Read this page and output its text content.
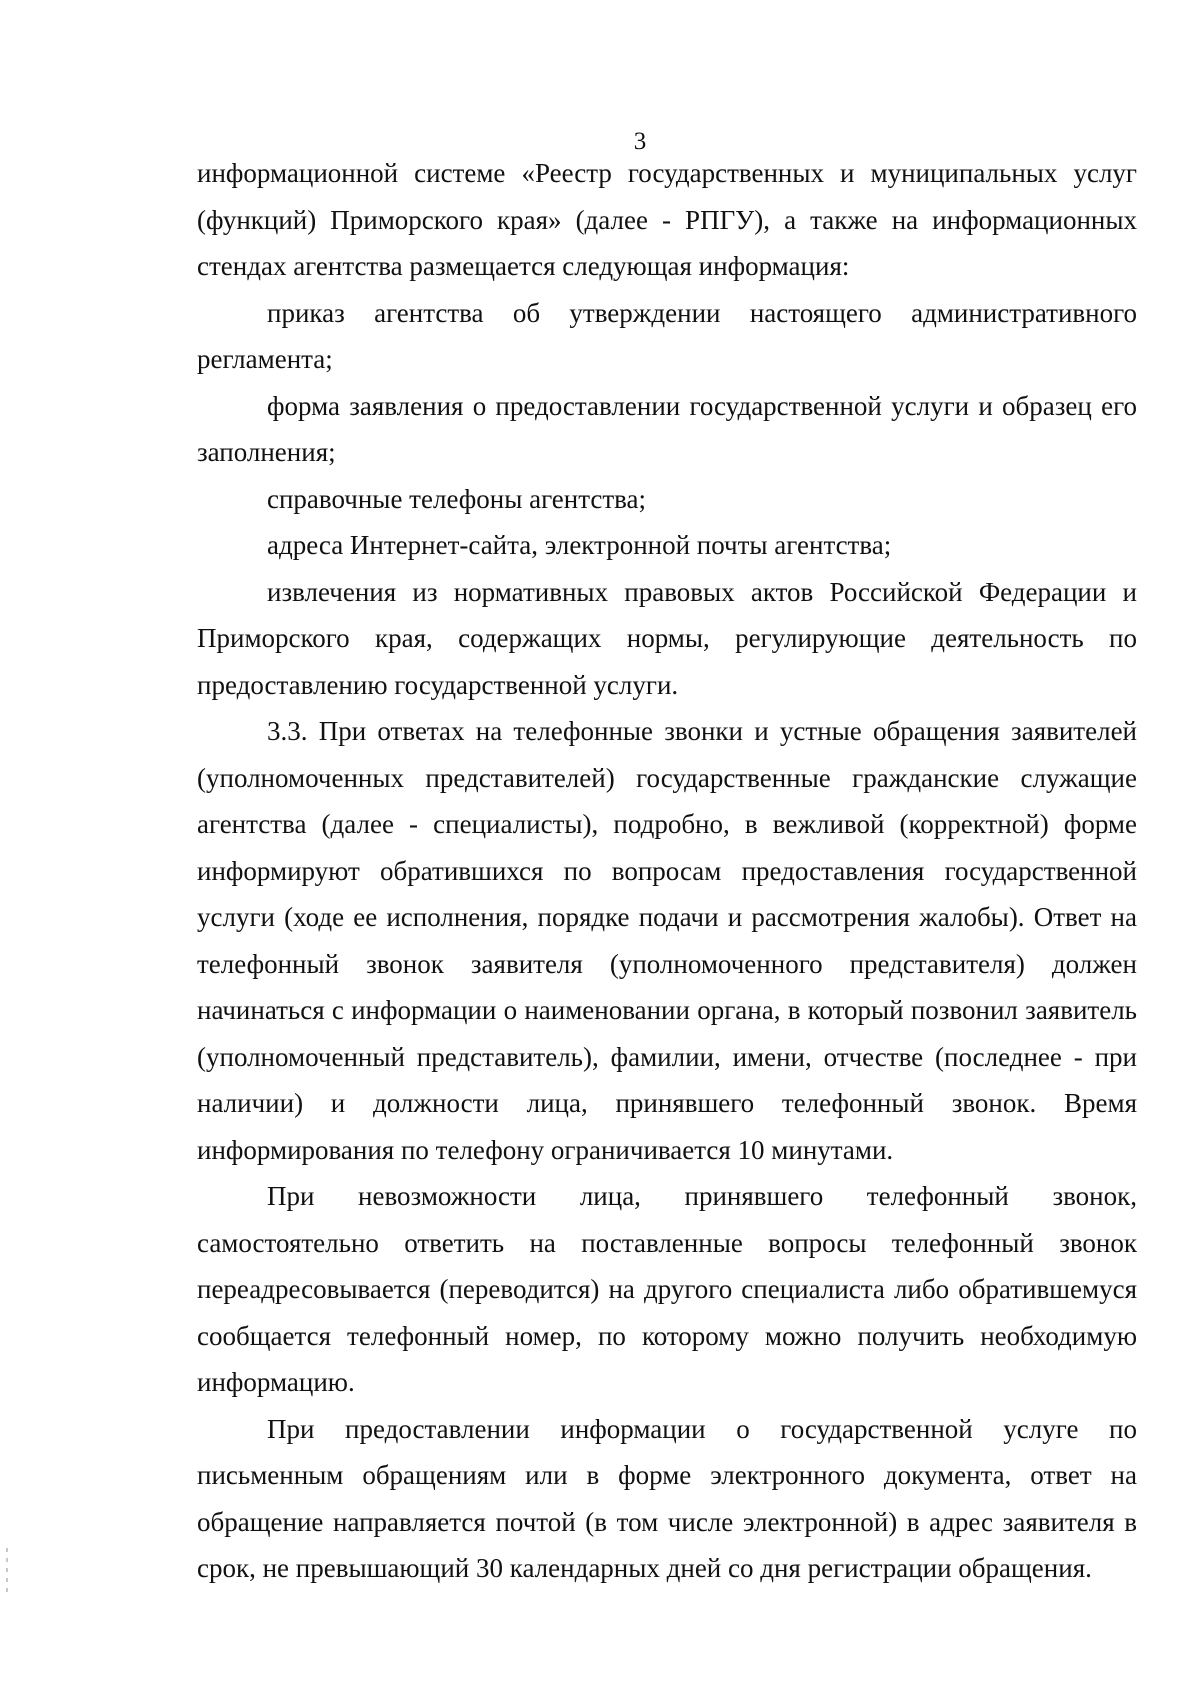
3

информационной системе «Реестр государственных и муниципальных услуг (функций) Приморского края» (далее - РПГУ), а также на информационных стендах агентства размещается следующая информация:

приказ агентства об утверждении настоящего административного регламента;

форма заявления о предоставлении государственной услуги и образец его заполнения;

справочные телефоны агентства;

адреса Интернет-сайта, электронной почты агентства;

извлечения из нормативных правовых актов Российской Федерации и Приморского края, содержащих нормы, регулирующие деятельность по предоставлению государственной услуги.

3.3. При ответах на телефонные звонки и устные обращения заявителей (уполномоченных представителей) государственные гражданские служащие агентства (далее - специалисты), подробно, в вежливой (корректной) форме информируют обратившихся по вопросам предоставления государственной услуги (ходе ее исполнения, порядке подачи и рассмотрения жалобы). Ответ на телефонный звонок заявителя (уполномоченного представителя) должен начинаться с информации о наименовании органа, в который позвонил заявитель (уполномоченный представитель), фамилии, имени, отчестве (последнее - при наличии) и должности лица, принявшего телефонный звонок. Время информирования по телефону ограничивается 10 минутами.

При невозможности лица, принявшего телефонный звонок, самостоятельно ответить на поставленные вопросы телефонный звонок переадресовывается (переводится) на другого специалиста либо обратившемуся сообщается телефонный номер, по которому можно получить необходимую информацию.

При предоставлении информации о государственной услуге по письменным обращениям или в форме электронного документа, ответ на обращение направляется почтой (в том числе электронной) в адрес заявителя в срок, не превышающий 30 календарных дней со дня регистрации обращения.
